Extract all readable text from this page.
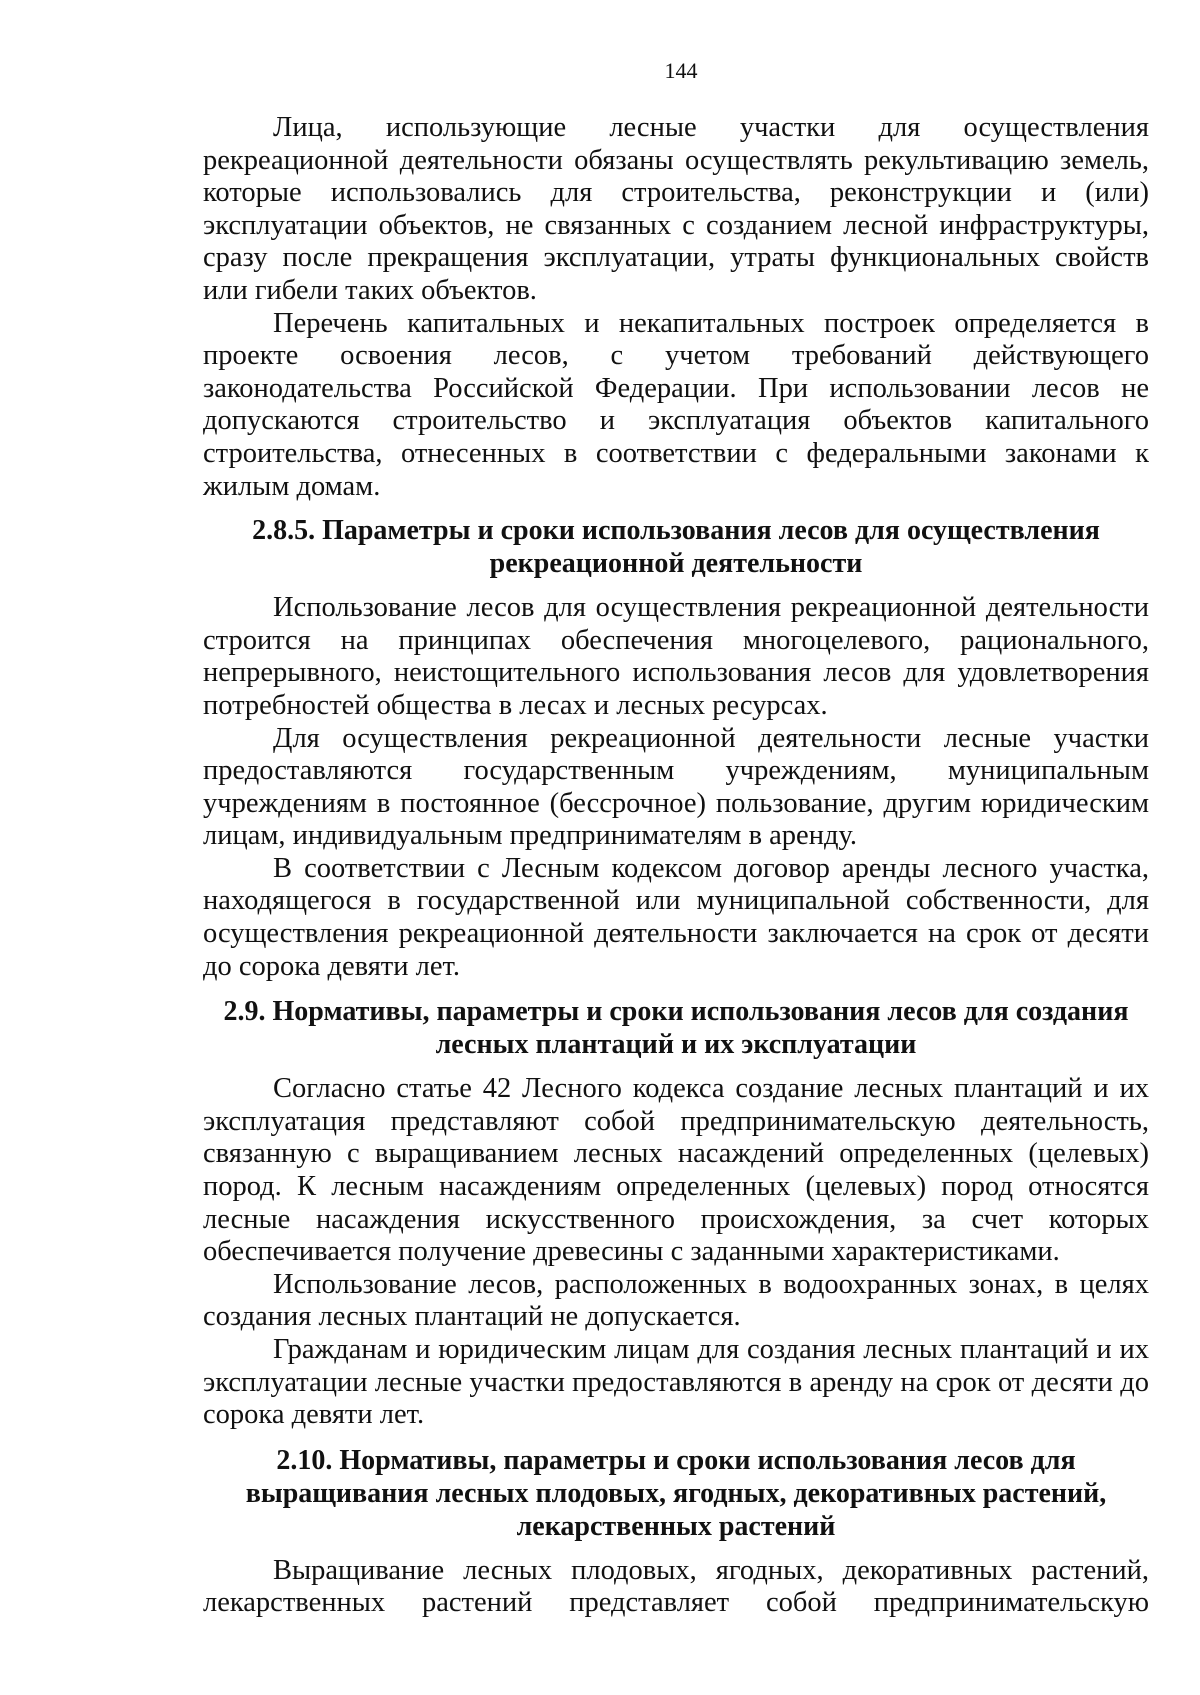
144

Лица, использующие лесные участки для осуществления рекреационной деятельности обязаны осуществлять рекультивацию земель, которые использовались для строительства, реконструкции и (или) эксплуатации объектов, не связанных с созданием лесной инфраструктуры, сразу после прекращения эксплуатации, утраты функциональных свойств или гибели таких объектов.

Перечень капитальных и некапитальных построек определяется в проекте освоения лесов, с учетом требований действующего законодательства Российской Федерации. При использовании лесов не допускаются строительство и эксплуатация объектов капитального строительства, отнесенных в соответствии с федеральными законами к жилым домам.

2.8.5. Параметры и сроки использования лесов для осуществления рекреационной деятельности

Использование лесов для осуществления рекреационной деятельности строится на принципах обеспечения многоцелевого, рационального, непрерывного, неистощительного использования лесов для удовлетворения потребностей общества в лесах и лесных ресурсах.

Для осуществления рекреационной деятельности лесные участки предоставляются государственным учреждениям, муниципальным учреждениям в постоянное (бессрочное) пользование, другим юридическим лицам, индивидуальным предпринимателям в аренду.

В соответствии с Лесным кодексом договор аренды лесного участка, находящегося в государственной или муниципальной собственности, для осуществления рекреационной деятельности заключается на срок от десяти до сорока девяти лет.

2.9. Нормативы, параметры и сроки использования лесов для создания лесных плантаций и их эксплуатации

Согласно статье 42 Лесного кодекса создание лесных плантаций и их эксплуатация представляют собой предпринимательскую деятельность, связанную с выращиванием лесных насаждений определенных (целевых) пород. К лесным насаждениям определенных (целевых) пород относятся лесные насаждения искусственного происхождения, за счет которых обеспечивается получение древесины с заданными характеристиками.

Использование лесов, расположенных в водоохранных зонах, в целях создания лесных плантаций не допускается.

Гражданам и юридическим лицам для создания лесных плантаций и их эксплуатации лесные участки предоставляются в аренду на срок от десяти до сорока девяти лет.

2.10. Нормативы, параметры и сроки использования лесов для выращивания лесных плодовых, ягодных, декоративных растений, лекарственных растений

Выращивание лесных плодовых, ягодных, декоративных растений, лекарственных растений представляет собой предпринимательскую
